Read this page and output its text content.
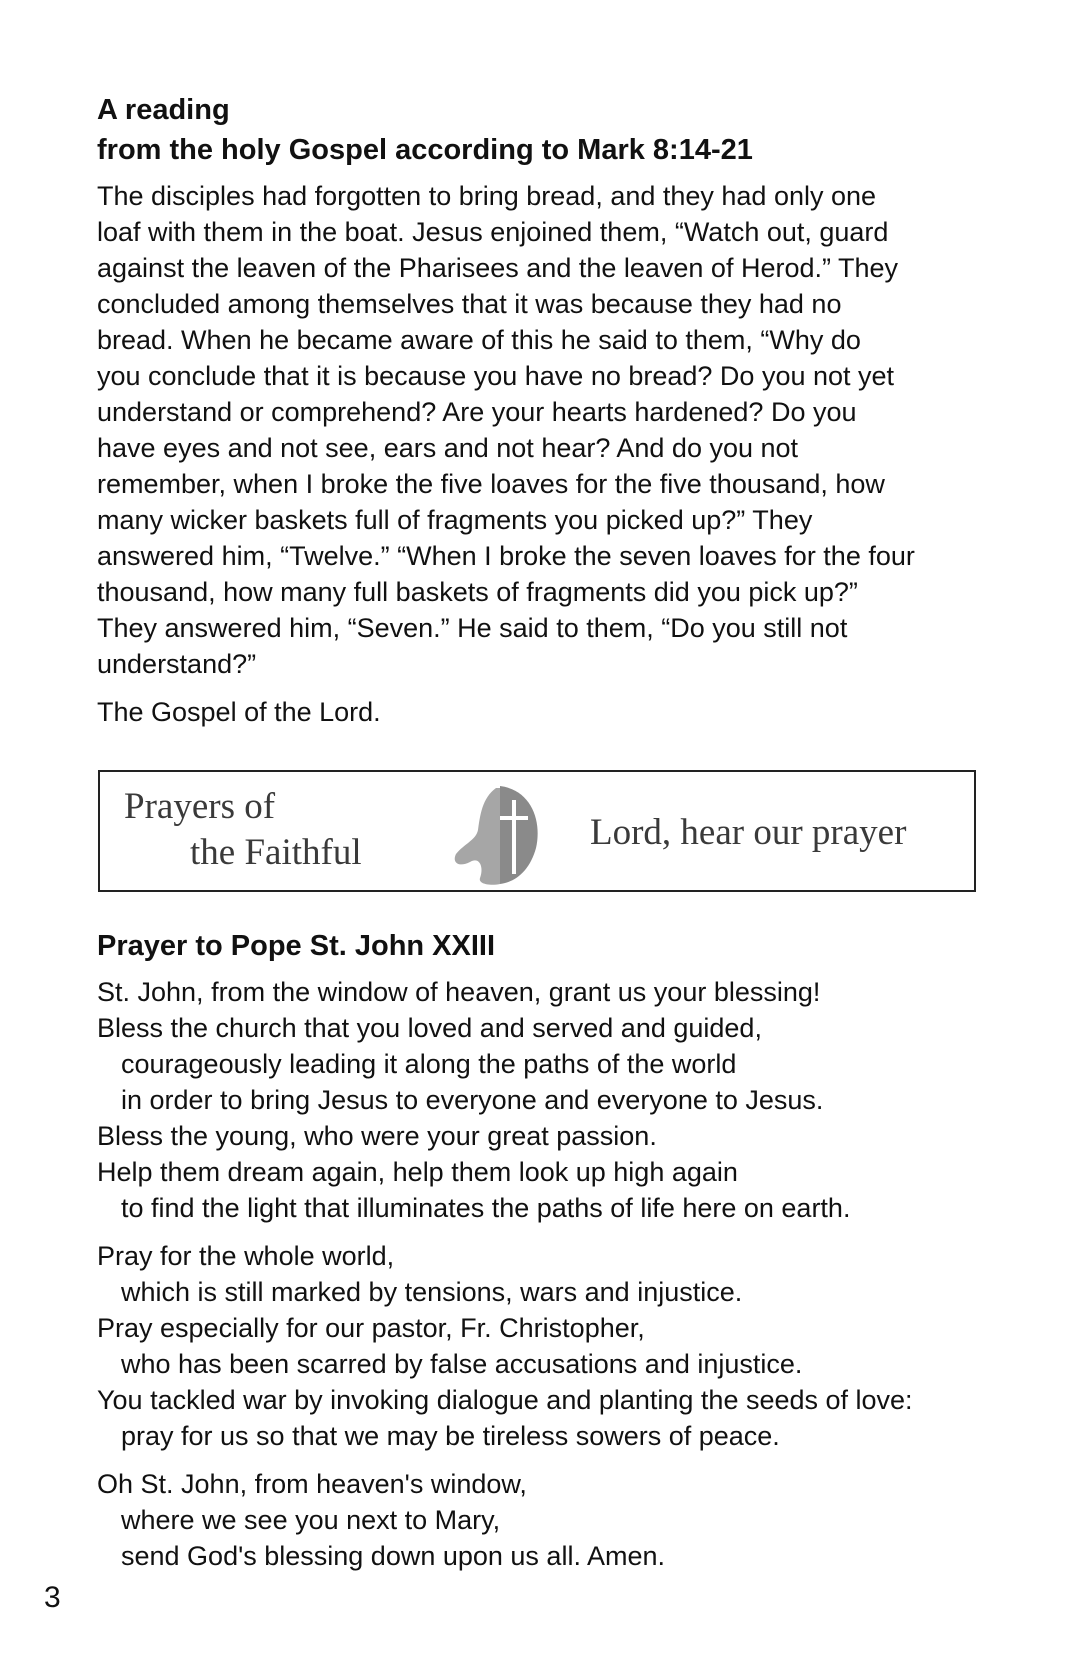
A reading
from the holy Gospel according to Mark 8:14-21

The disciples had forgotten to bring bread, and they had only one
loaf with them in the boat. Jesus enjoined them, “Watch out, guard
against the leaven of the Pharisees and the leaven of Herod.” They
concluded among themselves that it was because they had no
bread. When he became aware of this he said to them, “Why do
you conclude that it is because you have no bread? Do you not yet
understand or comprehend? Are your hearts hardened? Do you
have eyes and not see, ears and not hear? And do you not
remember, when I broke the five loaves for the five thousand, how
many wicker baskets full of fragments you picked up?” They
answered him, “Twelve.” “When I broke the seven loaves for the four
thousand, how many full baskets of fragments did you pick up?”
They answered him, “Seven.” He said to them, “Do you still not
understand?”

The Gospel of the Lord.

Prayers of
the Faithful	Lord, hear our prayer

Prayer to Pope St. John XXIII

St. John, from the window of heaven, grant us your blessing!
Bless the church that you loved and served and guided,
courageously leading it along the paths of the world
in order to bring Jesus to everyone and everyone to Jesus.
Bless the young, who were your great passion.
Help them dream again, help them look up high again
to find the light that illuminates the paths of life here on earth.

Pray for the whole world,
which is still marked by tensions, wars and injustice.
Pray especially for our pastor, Fr. Christopher,
who has been scarred by false accusations and injustice.
You tackled war by invoking dialogue and planting the seeds of love:
pray for us so that we may be tireless sowers of peace.

Oh St. John, from heaven's window,
where we see you next to Mary,
send God's blessing down upon us all. Amen.

3
